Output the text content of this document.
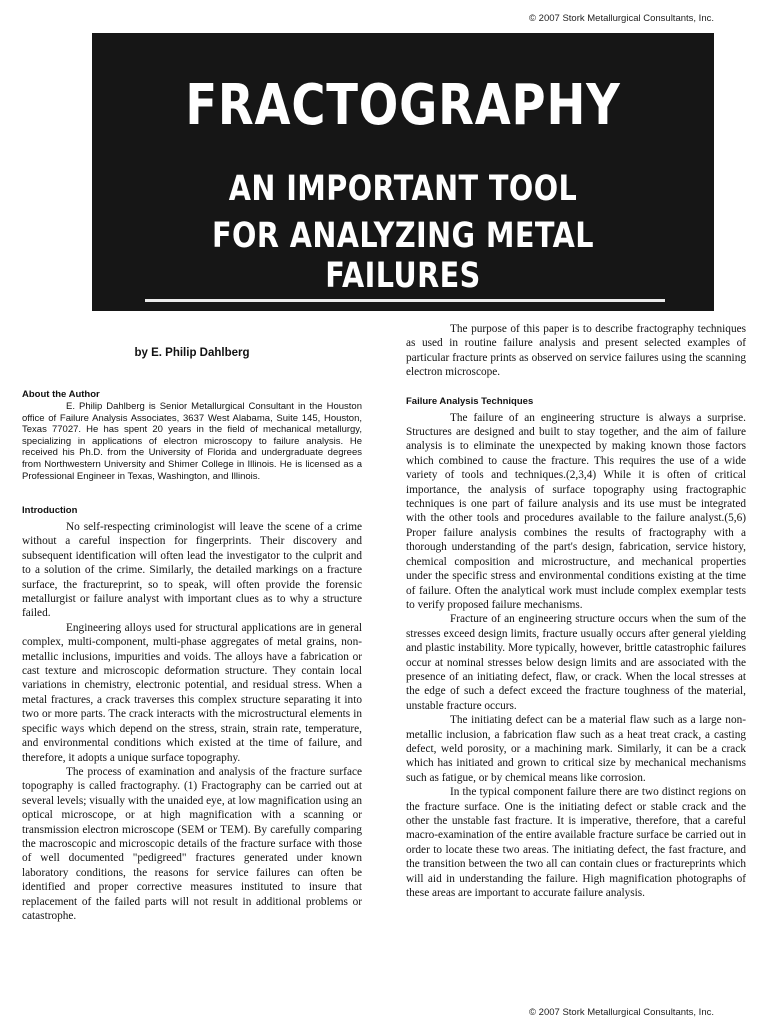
© 2007 Stork Metallurgical Consultants, Inc.
FRACTOGRAPHY
AN IMPORTANT TOOL
FOR ANALYZING METAL FAILURES
by E. Philip Dahlberg
About the Author

E. Philip Dahlberg is Senior Metallurgical Consultant in the Houston office of Failure Analysis Associates, 3637 West Alabama, Suite 145, Houston, Texas 77027. He has spent 20 years in the field of mechanical metallurgy, specializing in applications of electron microscopy to failure analysis. He received his Ph.D. from the University of Florida and undergraduate degrees from Northwestern University and Shimer College in Illinois. He is licensed as a Professional Engineer in Texas, Washington, and Illinois.

Introduction

No self-respecting criminologist will leave the scene of a crime without a careful inspection for fingerprints. Their discovery and subsequent identification will often lead the investigator to the culprit and to a solution of the crime. Similarly, the detailed markings on a fracture surface, the fractureprint, so to speak, will often provide the forensic metallurgist or failure analyst with important clues as to why a structure failed.

Engineering alloys used for structural applications are in general complex, multi-component, multi-phase aggregates of metal grains, non-metallic inclusions, impurities and voids. The alloys have a fabrication or cast texture and microscopic deformation structure. They contain local variations in chemistry, electronic potential, and residual stress. When a metal fractures, a crack traverses this complex structure separating it into two or more parts. The crack interacts with the microstructural elements in specific ways which depend on the stress, strain, strain rate, temperature, and environmental conditions which existed at the time of failure, and therefore, it adopts a unique surface topography.

The process of examination and analysis of the fracture surface topography is called fractography. (1) Fractography can be carried out at several levels; visually with the unaided eye, at low magnification using an optical microscope, or at high magnification with a scanning or transmission electron microscope (SEM or TEM). By carefully comparing the macroscopic and microscopic details of the fracture surface with those of well documented "pedigreed" fractures generated under known laboratory conditions, the reasons for service failures can often be identified and proper corrective measures instituted to insure that replacement of the failed parts will not result in additional problems or catastrophe.

The purpose of this paper is to describe fractography techniques as used in routine failure analysis and present selected examples of particular fracture prints as observed on service failures using the scanning electron microscope.

Failure Analysis Techniques

The failure of an engineering structure is always a surprise. Structures are designed and built to stay together, and the aim of failure analysis is to eliminate the unexpected by making known those factors which combined to cause the fracture. This requires the use of a wide variety of tools and techniques.(2,3,4) While it is often of critical importance, the analysis of surface topography using fractographic techniques is one part of failure analysis and its use must be integrated with the other tools and procedures available to the failure analyst.(5,6) Proper failure analysis combines the results of fractography with a thorough understanding of the part's design, fabrication, service history, chemical composition and microstructure, and mechanical properties under the specific stress and environmental conditions existing at the time of failure. Often the analytical work must include complex exemplar tests to verify proposed failure mechanisms.

Fracture of an engineering structure occurs when the sum of the stresses exceed design limits, fracture usually occurs after general yielding and plastic instability. More typically, however, brittle catastrophic failures occur at nominal stresses below design limits and are associated with the presence of an initiating defect, flaw, or crack. When the local stresses at the edge of such a defect exceed the fracture toughness of the material, unstable fracture occurs.

The initiating defect can be a material flaw such as a large non-metallic inclusion, a fabrication flaw such as a heat treat crack, a casting defect, weld porosity, or a machining mark. Similarly, it can be a crack which has initiated and grown to critical size by mechanical mechanisms such as fatigue, or by chemical means like corrosion.

In the typical component failure there are two distinct regions on the fracture surface. One is the initiating defect or stable crack and the other the unstable fast fracture. It is imperative, therefore, that a careful macro-examination of the entire available fracture surface be carried out in order to locate these two areas. The initiating defect, the fast fracture, and the transition between the two all can contain clues or fractureprints which will aid in understanding the failure. High magnification photographs of these areas are important to accurate failure analysis.

© 2007 Stork Metallurgical Consultants, Inc.
